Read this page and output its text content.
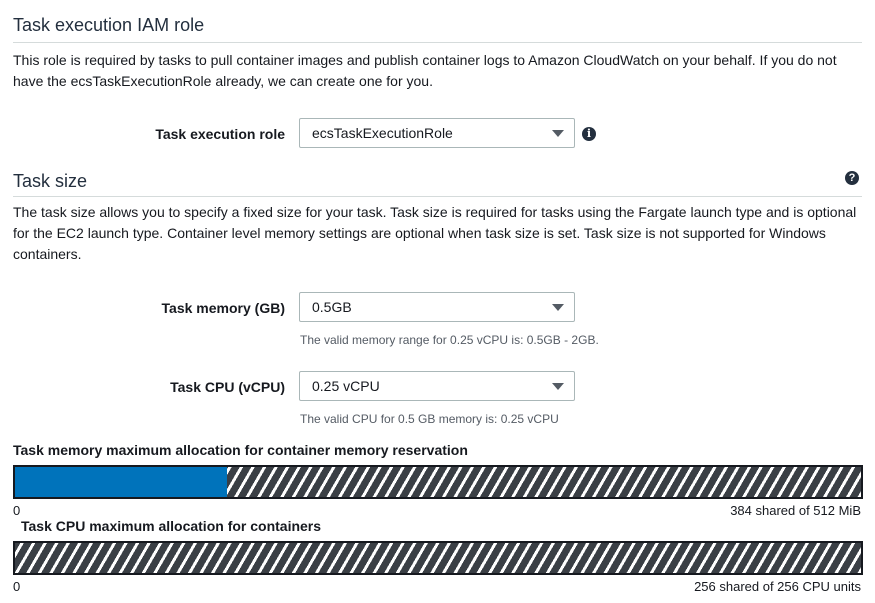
Task execution IAM role
This role is required by tasks to pull container images and publish container logs to Amazon CloudWatch on your behalf. If you do not have the ecsTaskExecutionRole already, we can create one for you.
Task execution role	ecsTaskExecutionRole	i
Task size	?
The task size allows you to specify a fixed size for your task. Task size is required for tasks using the Fargate launch type and is optional for the EC2 launch type. Container level memory settings are optional when task size is set. Task size is not supported for Windows containers.
Task memory (GB)	0.5GB
The valid memory range for 0.25 vCPU is: 0.5GB - 2GB.
Task CPU (vCPU)	0.25 vCPU
The valid CPU for 0.5 GB memory is: 0.25 vCPU
Task memory maximum allocation for container memory reservation
0	384 shared of 512 MiB
Task CPU maximum allocation for containers
0	256 shared of 256 CPU units
